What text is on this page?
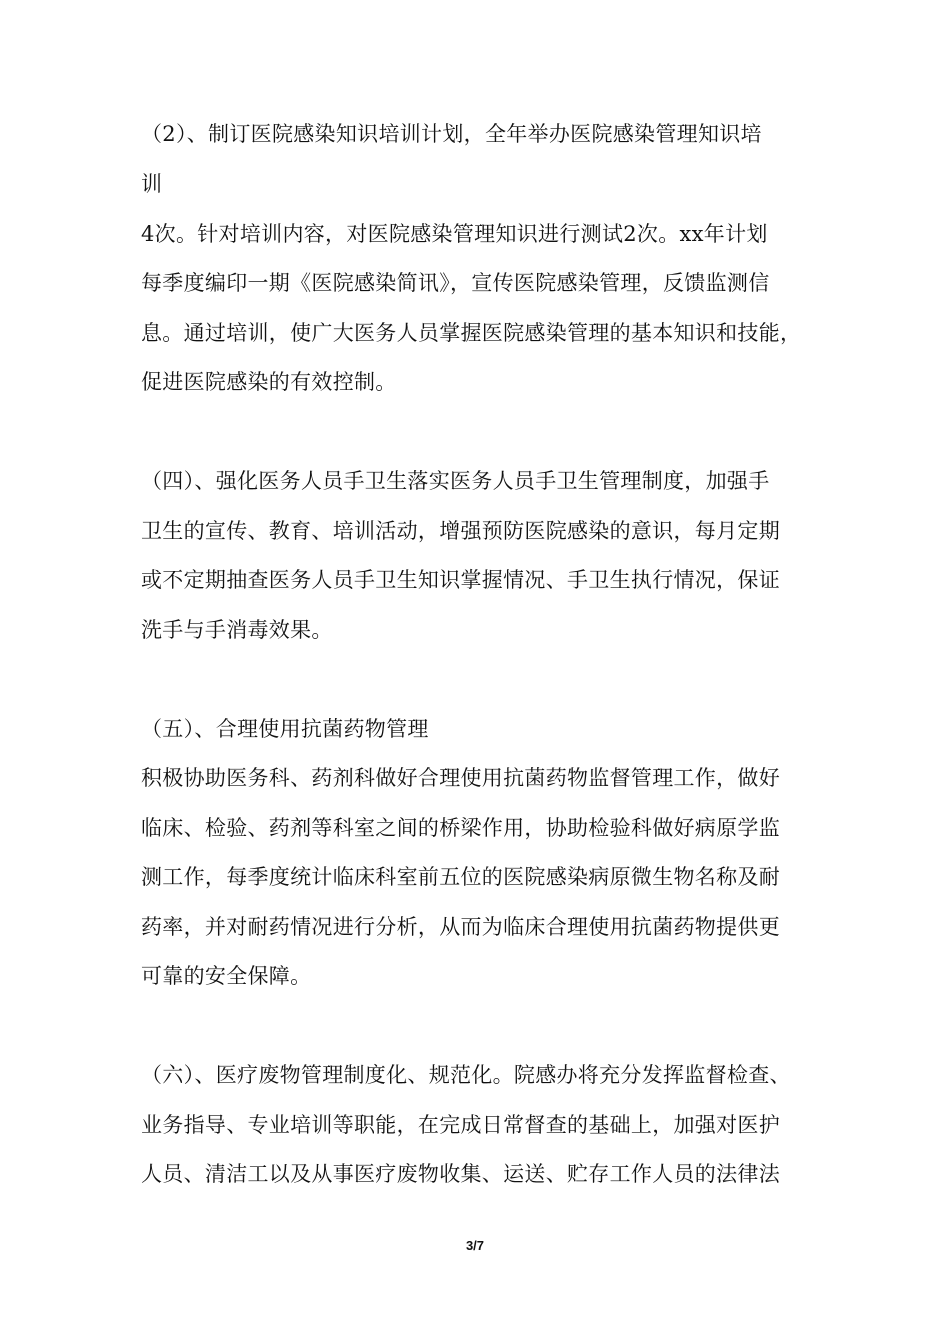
（2）、制订医院感染知识培训计划，全年举办医院感染管理知识培
训
4次。针对培训内容，对医院感染管理知识进行测试2次。xx年计划
每季度编印一期《医院感染简讯》，宣传医院感染管理，反馈监测信
息。通过培训，使广大医务人员掌握医院感染管理的基本知识和技能，
促进医院感染的有效控制。
（四）、强化医务人员手卫生落实医务人员手卫生管理制度，加强手
卫生的宣传、教育、培训活动，增强预防医院感染的意识，每月定期
或不定期抽查医务人员手卫生知识掌握情况、手卫生执行情况，保证
洗手与手消毒效果。
（五）、合理使用抗菌药物管理
积极协助医务科、药剂科做好合理使用抗菌药物监督管理工作，做好
临床、检验、药剂等科室之间的桥梁作用，协助检验科做好病原学监
测工作，每季度统计临床科室前五位的医院感染病原微生物名称及耐
药率，并对耐药情况进行分析，从而为临床合理使用抗菌药物提供更
可靠的安全保障。
（六）、医疗废物管理制度化、规范化。院感办将充分发挥监督检查、
业务指导、专业培训等职能，在完成日常督查的基础上，加强对医护
人员、清洁工以及从事医疗废物收集、运送、贮存工作人员的法律法
3/7
